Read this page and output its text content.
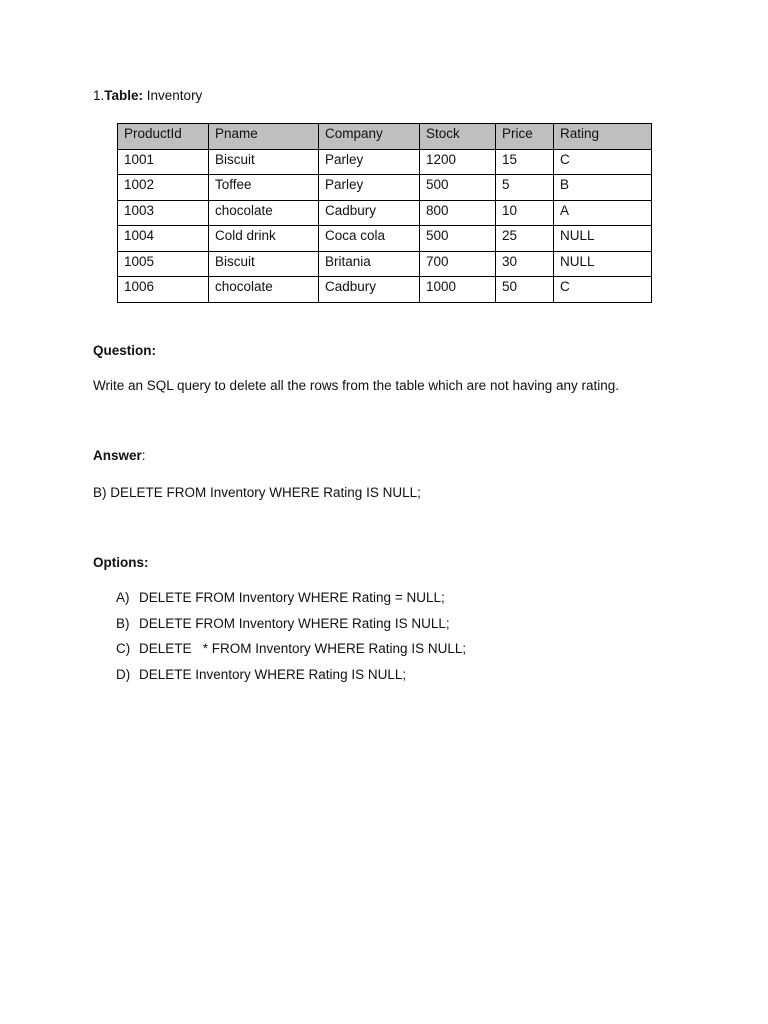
1.Table: Inventory
ProductId	Pname	Company	Stock	Price	Rating
1001	Biscuit	Parley	1200	15	C
1002	Toffee	Parley	500	5	B
1003	chocolate	Cadbury	800	10	A
1004	Cold drink	Coca cola	500	25	NULL
1005	Biscuit	Britania	700	30	NULL
1006	chocolate	Cadbury	1000	50	C
Question:
Write an SQL query to delete all the rows from the table which are not having any rating.
Answer:
B) DELETE FROM Inventory WHERE Rating IS NULL;
Options:
A) DELETE FROM Inventory WHERE Rating = NULL;
B) DELETE FROM Inventory WHERE Rating IS NULL;
C) DELETE   * FROM Inventory WHERE Rating IS NULL;
D) DELETE Inventory WHERE Rating IS NULL;
